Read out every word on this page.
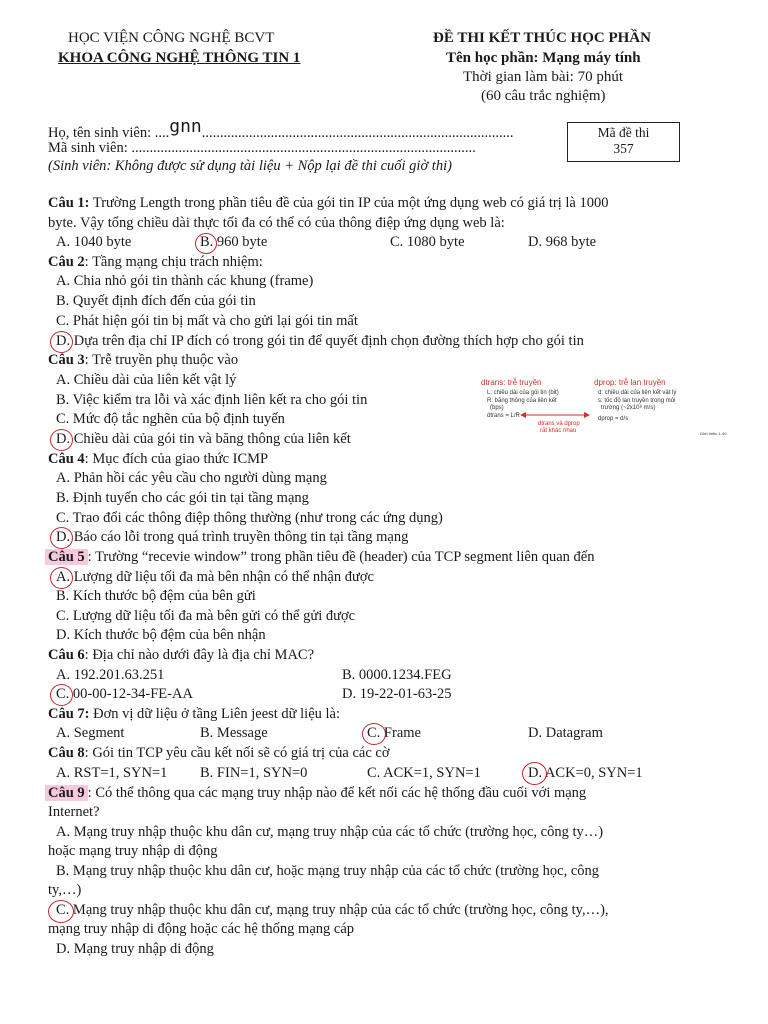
HỌC VIỆN CÔNG NGHỆ BCVT
KHOA CÔNG NGHỆ THÔNG TIN 1
ĐỀ THI KẾT THÚC HỌC PHẦN
Tên học phần: Mạng máy tính
Thời gian làm bài: 70 phút
(60 câu trắc nghiệm)
Họ, tên sinh viên: ....gnn......................................................................................
Mã sinh viên: ...............................................................................................
(Sinh viên: Không được sử dụng tài liệu + Nộp lại đề thi cuối giờ thi)
Mã đề thi
357
Câu 1: Trường Length trong phần tiêu đề của gói tin IP của một ứng dụng web có giá trị là 1000
byte. Vậy tổng chiều dài thực tối đa có thể có của thông điệp ứng dụng web là:
A. 1040 byte	B. 960 byte	C. 1080 byte	D. 968 byte
Câu 2: Tầng mạng chịu trách nhiệm:
A. Chia nhỏ gói tin thành các khung (frame)
B. Quyết định đích đến của gói tin
C. Phát hiện gói tin bị mất và cho gửi lại gói tin mất
D. Dựa trên địa chỉ IP đích có trong gói tin để quyết định chọn đường thích hợp cho gói tin
Câu 3: Trễ truyền phụ thuộc vào
A. Chiều dài của liên kết vật lý
B. Việc kiểm tra lỗi và xác định liên kết ra cho gói tin
C. Mức độ tắc nghẽn của bộ định tuyến
D. Chiều dài của gói tin và băng thông của liên kết
dtrans: trễ truyền
L: chiều dài của gói tin (bit)
R: băng thông của liên kết
(bps)
dtrans = L/R
dtrans và dprop
rất khác nhau
dprop: trễ lan truyền
d: chiều dài của liên kết vật lý
s: tốc độ lan truyền trong môi
trường (~2x10⁸ m/s)
dprop = d/s
Giới thiệu 1-40
Câu 4: Mục đích của giao thức ICMP
A. Phản hồi các yêu cầu cho người dùng mạng
B. Định tuyến cho các gói tin tại tầng mạng
C. Trao đổi các thông điệp thông thường (như trong các ứng dụng)
D. Báo cáo lỗi trong quá trình truyền thông tin tại tầng mạng
Câu 5 : Trường “recevie window” trong phần tiêu đề (header) của TCP segment liên quan đến
A. Lượng dữ liệu tối đa mà bên nhận có thể nhận được
B. Kích thước bộ đệm của bên gửi
C. Lượng dữ liệu tối đa mà bên gửi có thể gửi được
D. Kích thước bộ đệm của bên nhận
Câu 6: Địa chỉ nào dưới đây là địa chỉ MAC?
A. 192.201.63.251	B. 0000.1234.FEG
C. 00-00-12-34-FE-AA	D. 19-22-01-63-25
Câu 7: Đơn vị dữ liệu ở tầng Liên jeest dữ liệu là:
A. Segment	B. Message	C. Frame	D. Datagram
Câu 8: Gói tin TCP yêu cầu kết nối sẽ có giá trị của các cờ
A. RST=1, SYN=1 B. FIN=1, SYN=0	C. ACK=1, SYN=1	D. ACK=0, SYN=1
Câu 9 : Có thể thông qua các mạng truy nhập nào để kết nối các hệ thống đầu cuối với mạng
Internet?
A. Mạng truy nhập thuộc khu dân cư, mạng truy nhập của các tổ chức (trường học, công ty…)
hoặc mạng truy nhập di động
B. Mạng truy nhập thuộc khu dân cư, hoặc mạng truy nhập của các tổ chức (trường học, công
ty,…)
C. Mạng truy nhập thuộc khu dân cư, mạng truy nhập của các tổ chức (trường học, công ty,…),
mạng truy nhập di động hoặc các hệ thống mạng cáp
D. Mạng truy nhập di động
